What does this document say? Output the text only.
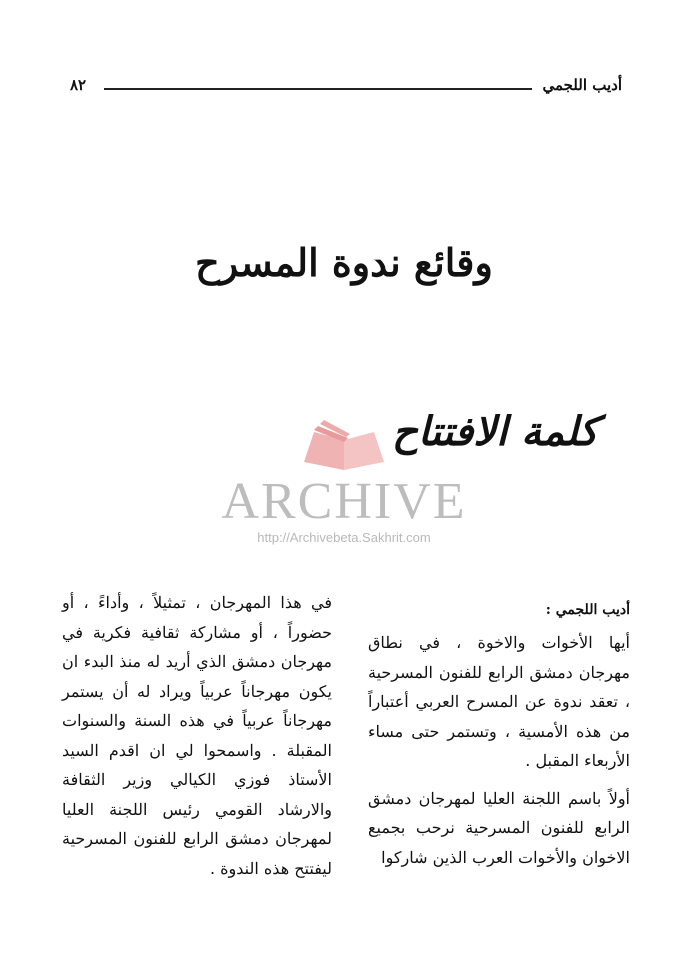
أديب اللجمي
٨٢
وقائع ندوة المسرح
ARCHIVE
http://Archivebeta.Sakhrit.com
كلمة الافتتاح
أديب اللجمي :
أيها الأخوات والاخوة ، في نطاق مهرجان دمشق الرابع للفنون المسرحية ، تعقد ندوة عن المسرح العربي أعتباراً من هذه الأمسية ، وتستمر حتى مساء الأربعاء المقبل .
أولاً باسم اللجنة العليا لمهرجان دمشق الرابع للفنون المسرحية نرحب بجميع الاخوان والأخوات العرب الذين شاركوا
في هذا المهرجان ، تمثيلاً ، وأداءً ، أو حضوراً ، أو مشاركة ثقافية فكرية في مهرجان دمشق الذي أريد له منذ البدء ان يكون مهرجاناً عربياً ويراد له أن يستمر مهرجاناً عربياً في هذه السنة والسنوات المقبلة . واسمحوا لي ان اقدم السيد الأستاذ فوزي الكيالي وزير الثقافة والارشاد القومي رئيس اللجنة العليا لمهرجان دمشق الرابع للفنون المسرحية ليفتتح هذه الندوة .
